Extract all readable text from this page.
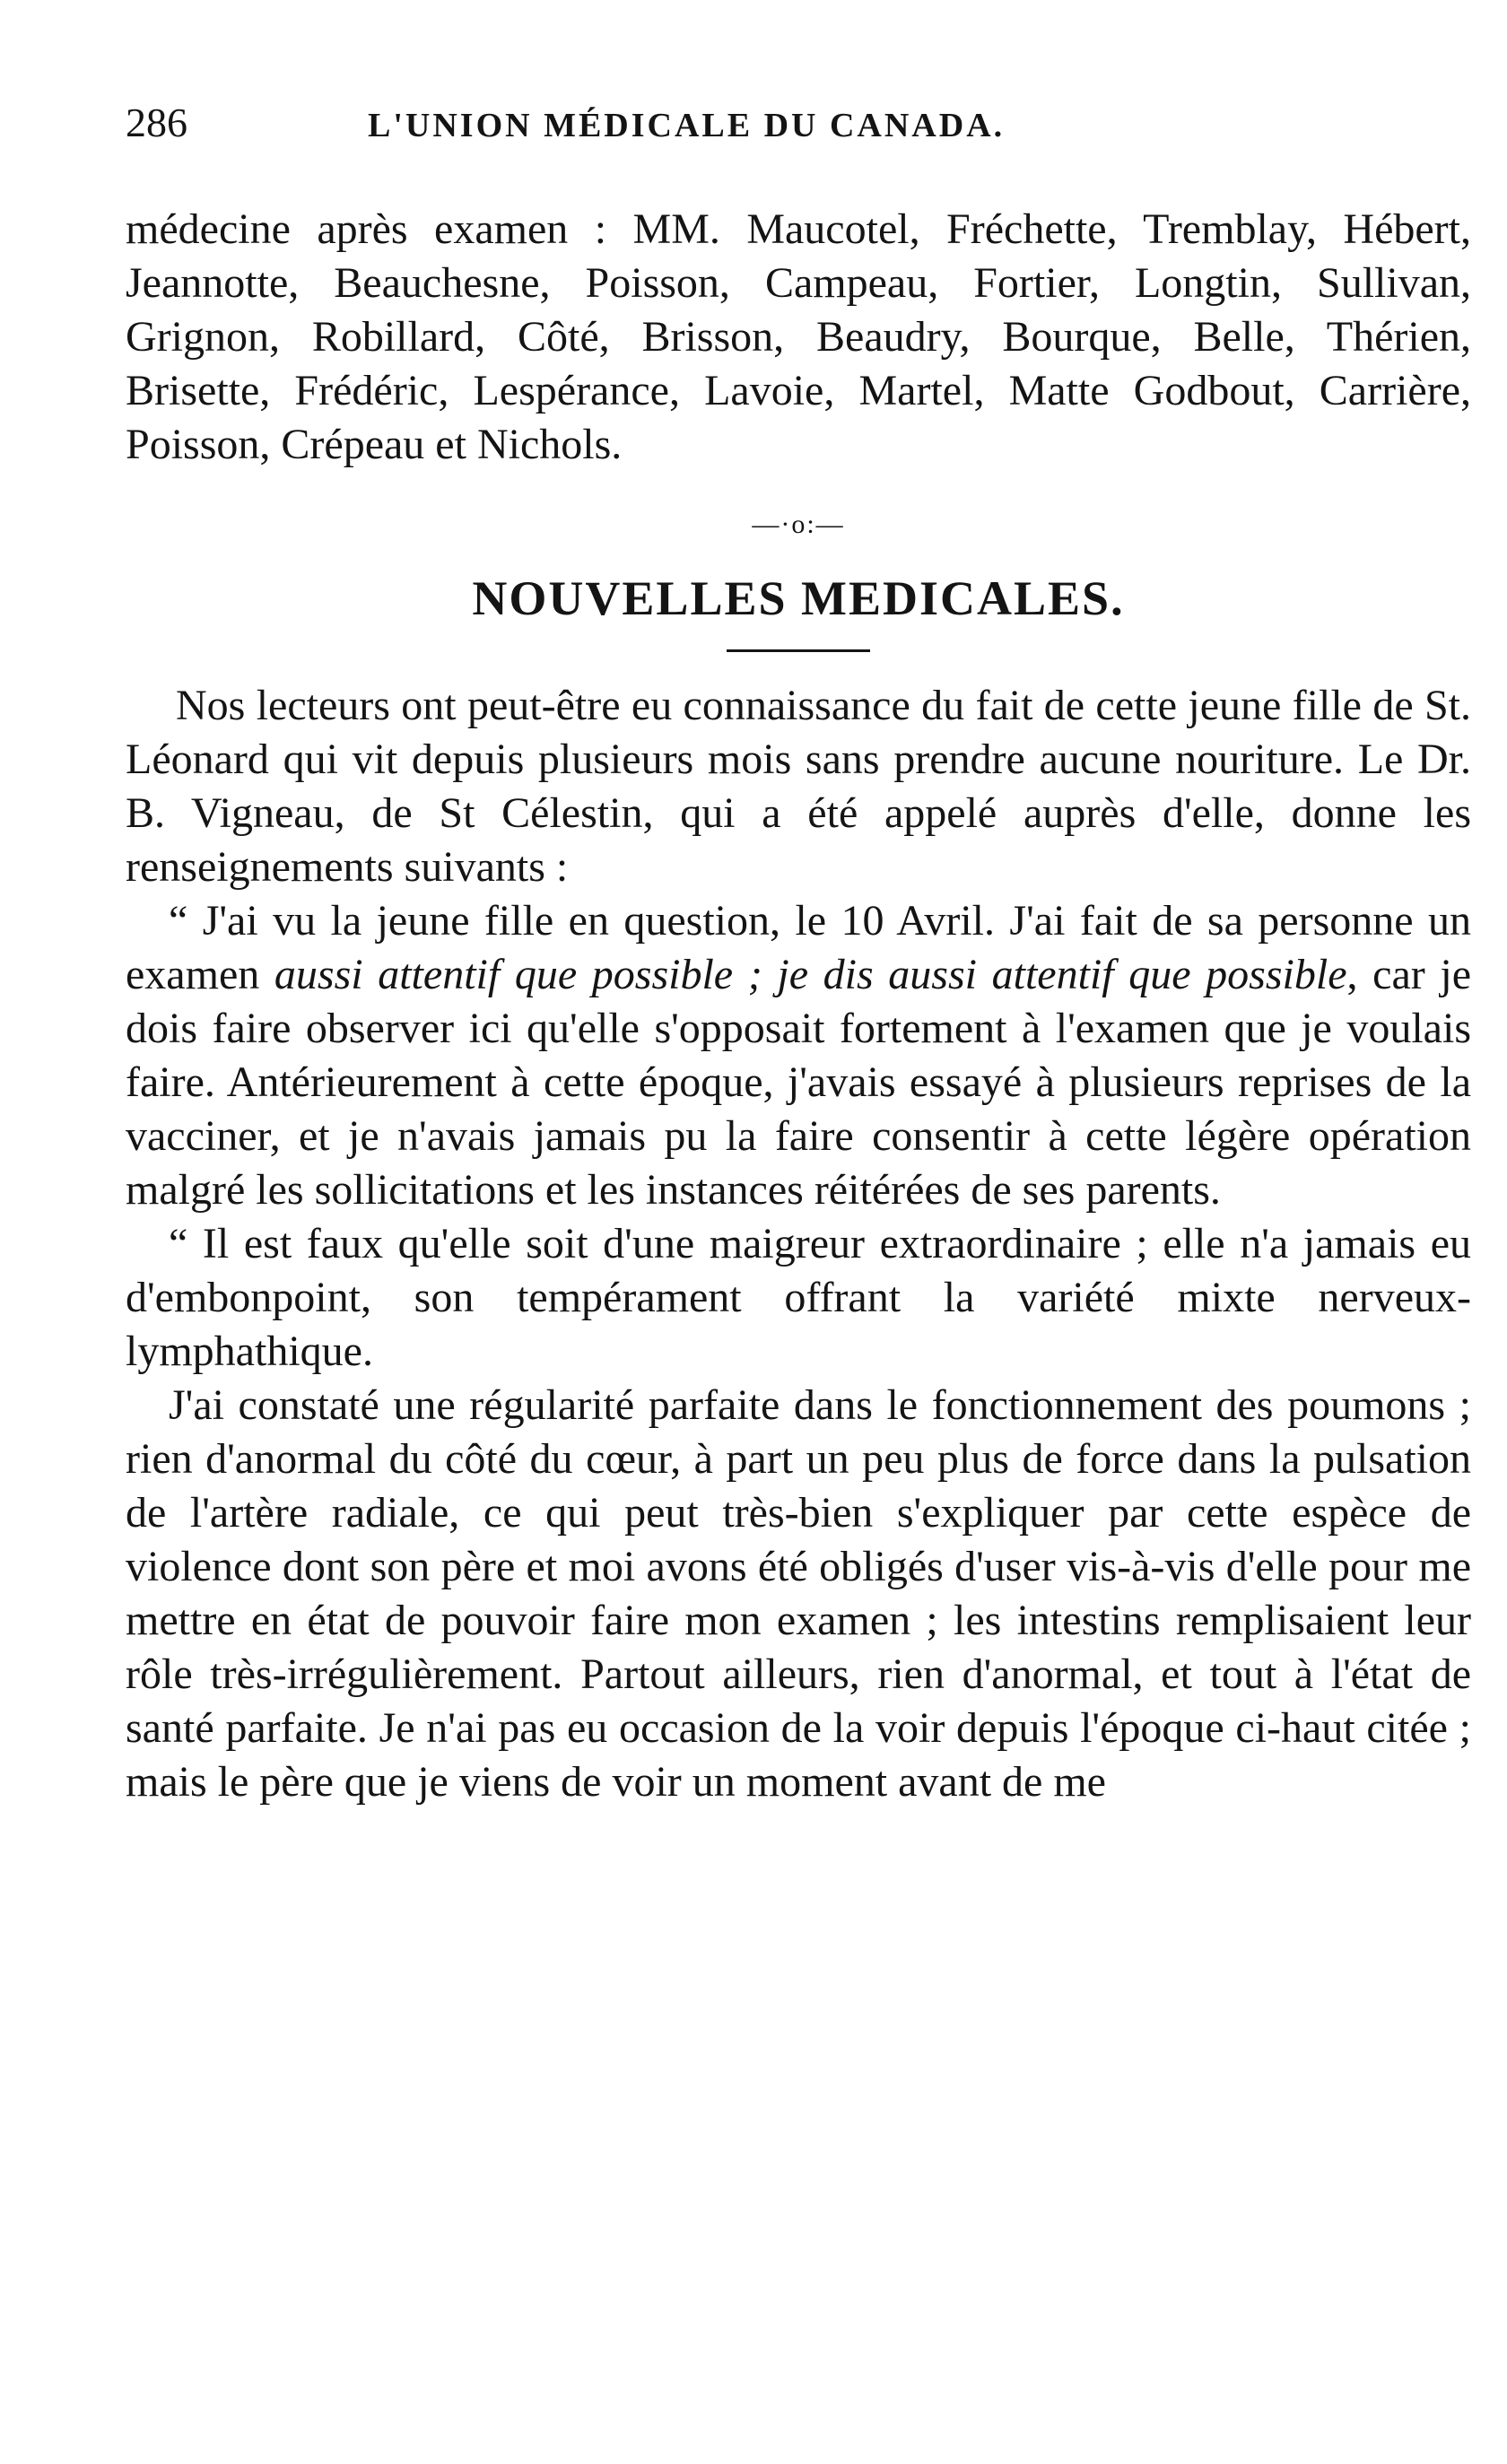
286	L'UNION MÉDICALE DU CANADA.

médecine après examen : MM. Maucotel, Fréchette, Tremblay, Hébert, Jeannotte, Beauchesne, Poisson, Campeau, Fortier, Longtin, Sullivan, Grignon, Robillard, Côté, Brisson, Beaudry, Bourque, Belle, Thérien, Brisette, Frédéric, Lespérance, Lavoie, Martel, Matte Godbout, Carrière, Poisson, Crépeau et Nichols.

—·o:—
NOUVELLES MEDICALES.

Nos lecteurs ont peut-être eu connaissance du fait de cette jeune fille de St. Léonard qui vit depuis plusieurs mois sans prendre aucune nouriture. Le Dr. B. Vigneau, de St Célestin, qui a été appelé auprès d'elle, donne les renseignements suivants :

“ J'ai vu la jeune fille en question, le 10 Avril. J'ai fait de sa personne un examen aussi attentif que possible ; je dis aussi attentif que possible, car je dois faire observer ici qu'elle s'opposait fortement à l'examen que je voulais faire. Antérieurement à cette époque, j'avais essayé à plusieurs reprises de la vacciner, et je n'avais jamais pu la faire consentir à cette légère opération malgré les sollicitations et les instances réitérées de ses parents.

“ Il est faux qu'elle soit d'une maigreur extraordinaire ; elle n'a jamais eu d'embonpoint, son tempérament offrant la variété mixte nerveux-lymphathique.

J'ai constaté une régularité parfaite dans le fonctionnement des poumons ; rien d'anormal du côté du cœur, à part un peu plus de force dans la pulsation de l'artère radiale, ce qui peut très-bien s'expliquer par cette espèce de violence dont son père et moi avons été obligés d'user vis-à-vis d'elle pour me mettre en état de pouvoir faire mon examen ; les intestins remplisaient leur rôle très-irrégulièrement. Partout ailleurs, rien d'anormal, et tout à l'état de santé parfaite. Je n'ai pas eu occasion de la voir depuis l'époque ci-haut citée ; mais le père que je viens de voir un moment avant de me
